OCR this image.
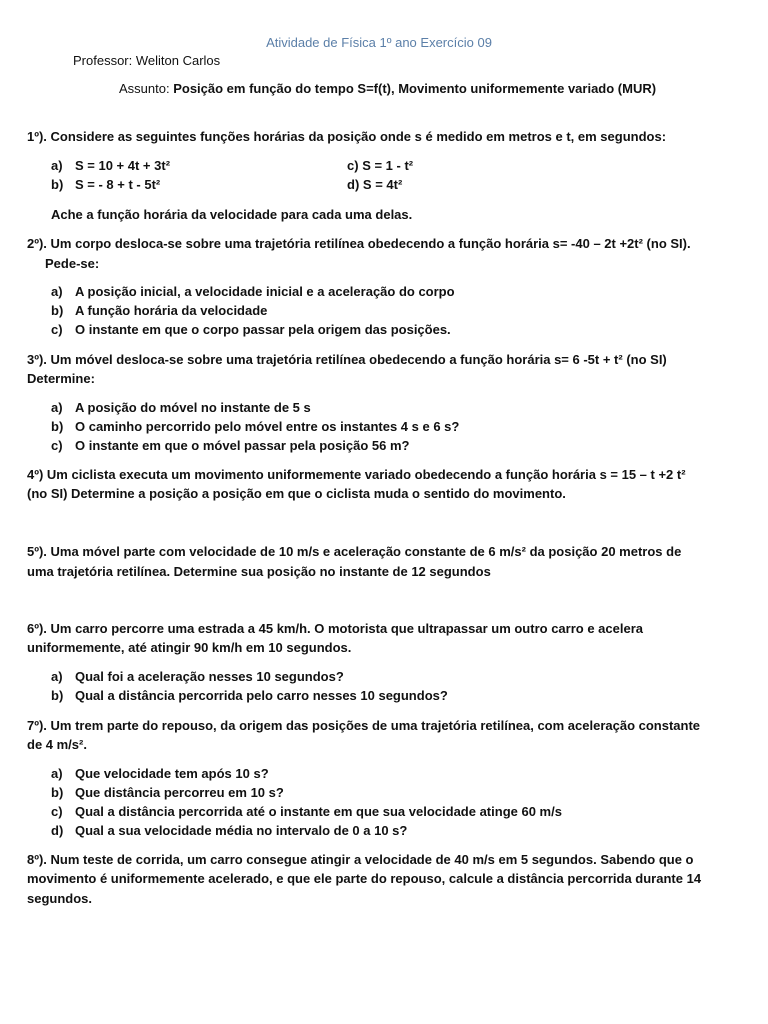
Atividade de Física 1º ano Exercício 09
Professor: Weliton Carlos
Assunto: Posição em função do tempo S=f(t), Movimento uniformemente variado (MUR)
1º). Considere as seguintes funções horárias da posição onde s é medido em metros e t, em segundos:
a) S = 10 + 4t + 3t²
b) S = - 8 + t - 5t²
c) S = 1 - t²
d) S = 4t²
Ache a função horária da velocidade para cada uma delas.
2º). Um corpo desloca-se sobre uma trajetória retilínea obedecendo a função horária s= -40 – 2t +2t² (no SI).
Pede-se:
a) A posição inicial, a velocidade inicial e a aceleração do corpo
b) A função horária da velocidade
c) O instante em que o corpo passar pela origem das posições.
3º). Um móvel desloca-se sobre uma trajetória retilínea obedecendo a função horária s= 6 -5t + t² (no SI)
Determine:
a) A posição do móvel no instante de 5 s
b) O caminho percorrido pelo móvel entre os instantes 4 s e 6 s?
c) O instante em que o móvel passar pela posição 56 m?
4º) Um ciclista executa um movimento uniformemente variado obedecendo a função horária s = 15 – t +2 t²
(no SI) Determine a posição a posição em que o ciclista muda o sentido do movimento.
5º). Uma móvel parte com velocidade de 10 m/s e aceleração constante de 6 m/s² da posição 20 metros de
uma trajetória retilínea. Determine sua posição no instante de 12 segundos
6º). Um carro percorre uma estrada a 45 km/h. O motorista que ultrapassar um outro carro e acelera
uniformemente, até atingir 90 km/h em 10 segundos.
a) Qual foi a aceleração nesses 10 segundos?
b) Qual a distância percorrida pelo carro nesses 10 segundos?
7º). Um trem parte do repouso, da origem das posições de uma trajetória retilínea, com aceleração constante
de 4 m/s².
a) Que velocidade tem após 10 s?
b) Que distância percorreu em 10 s?
c) Qual a distância percorrida até o instante em que sua velocidade atinge 60 m/s
d) Qual a sua velocidade média no intervalo de 0 a 10 s?
8º). Num teste de corrida, um carro consegue atingir a velocidade de 40 m/s em 5 segundos. Sabendo que o
movimento é uniformemente acelerado, e que ele parte do repouso, calcule a distância percorrida durante 14
segundos.
